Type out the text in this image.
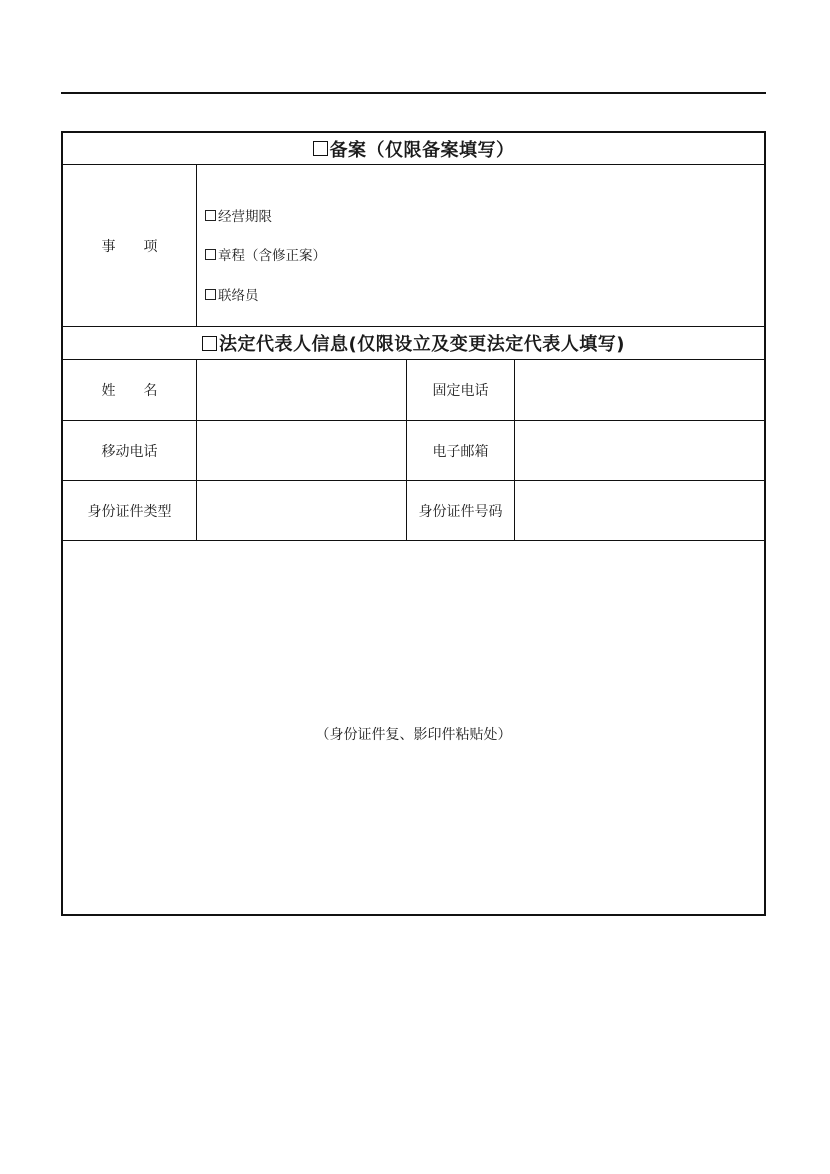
备案（仅限备案填写）
事　　项
经营期限
章程（含修正案）
联络员
法定代表人信息(仅限设立及变更法定代表人填写)
姓　　名	固定电话
移动电话	电子邮箱
身份证件类型	身份证件号码
（身份证件复、影印件粘贴处）
